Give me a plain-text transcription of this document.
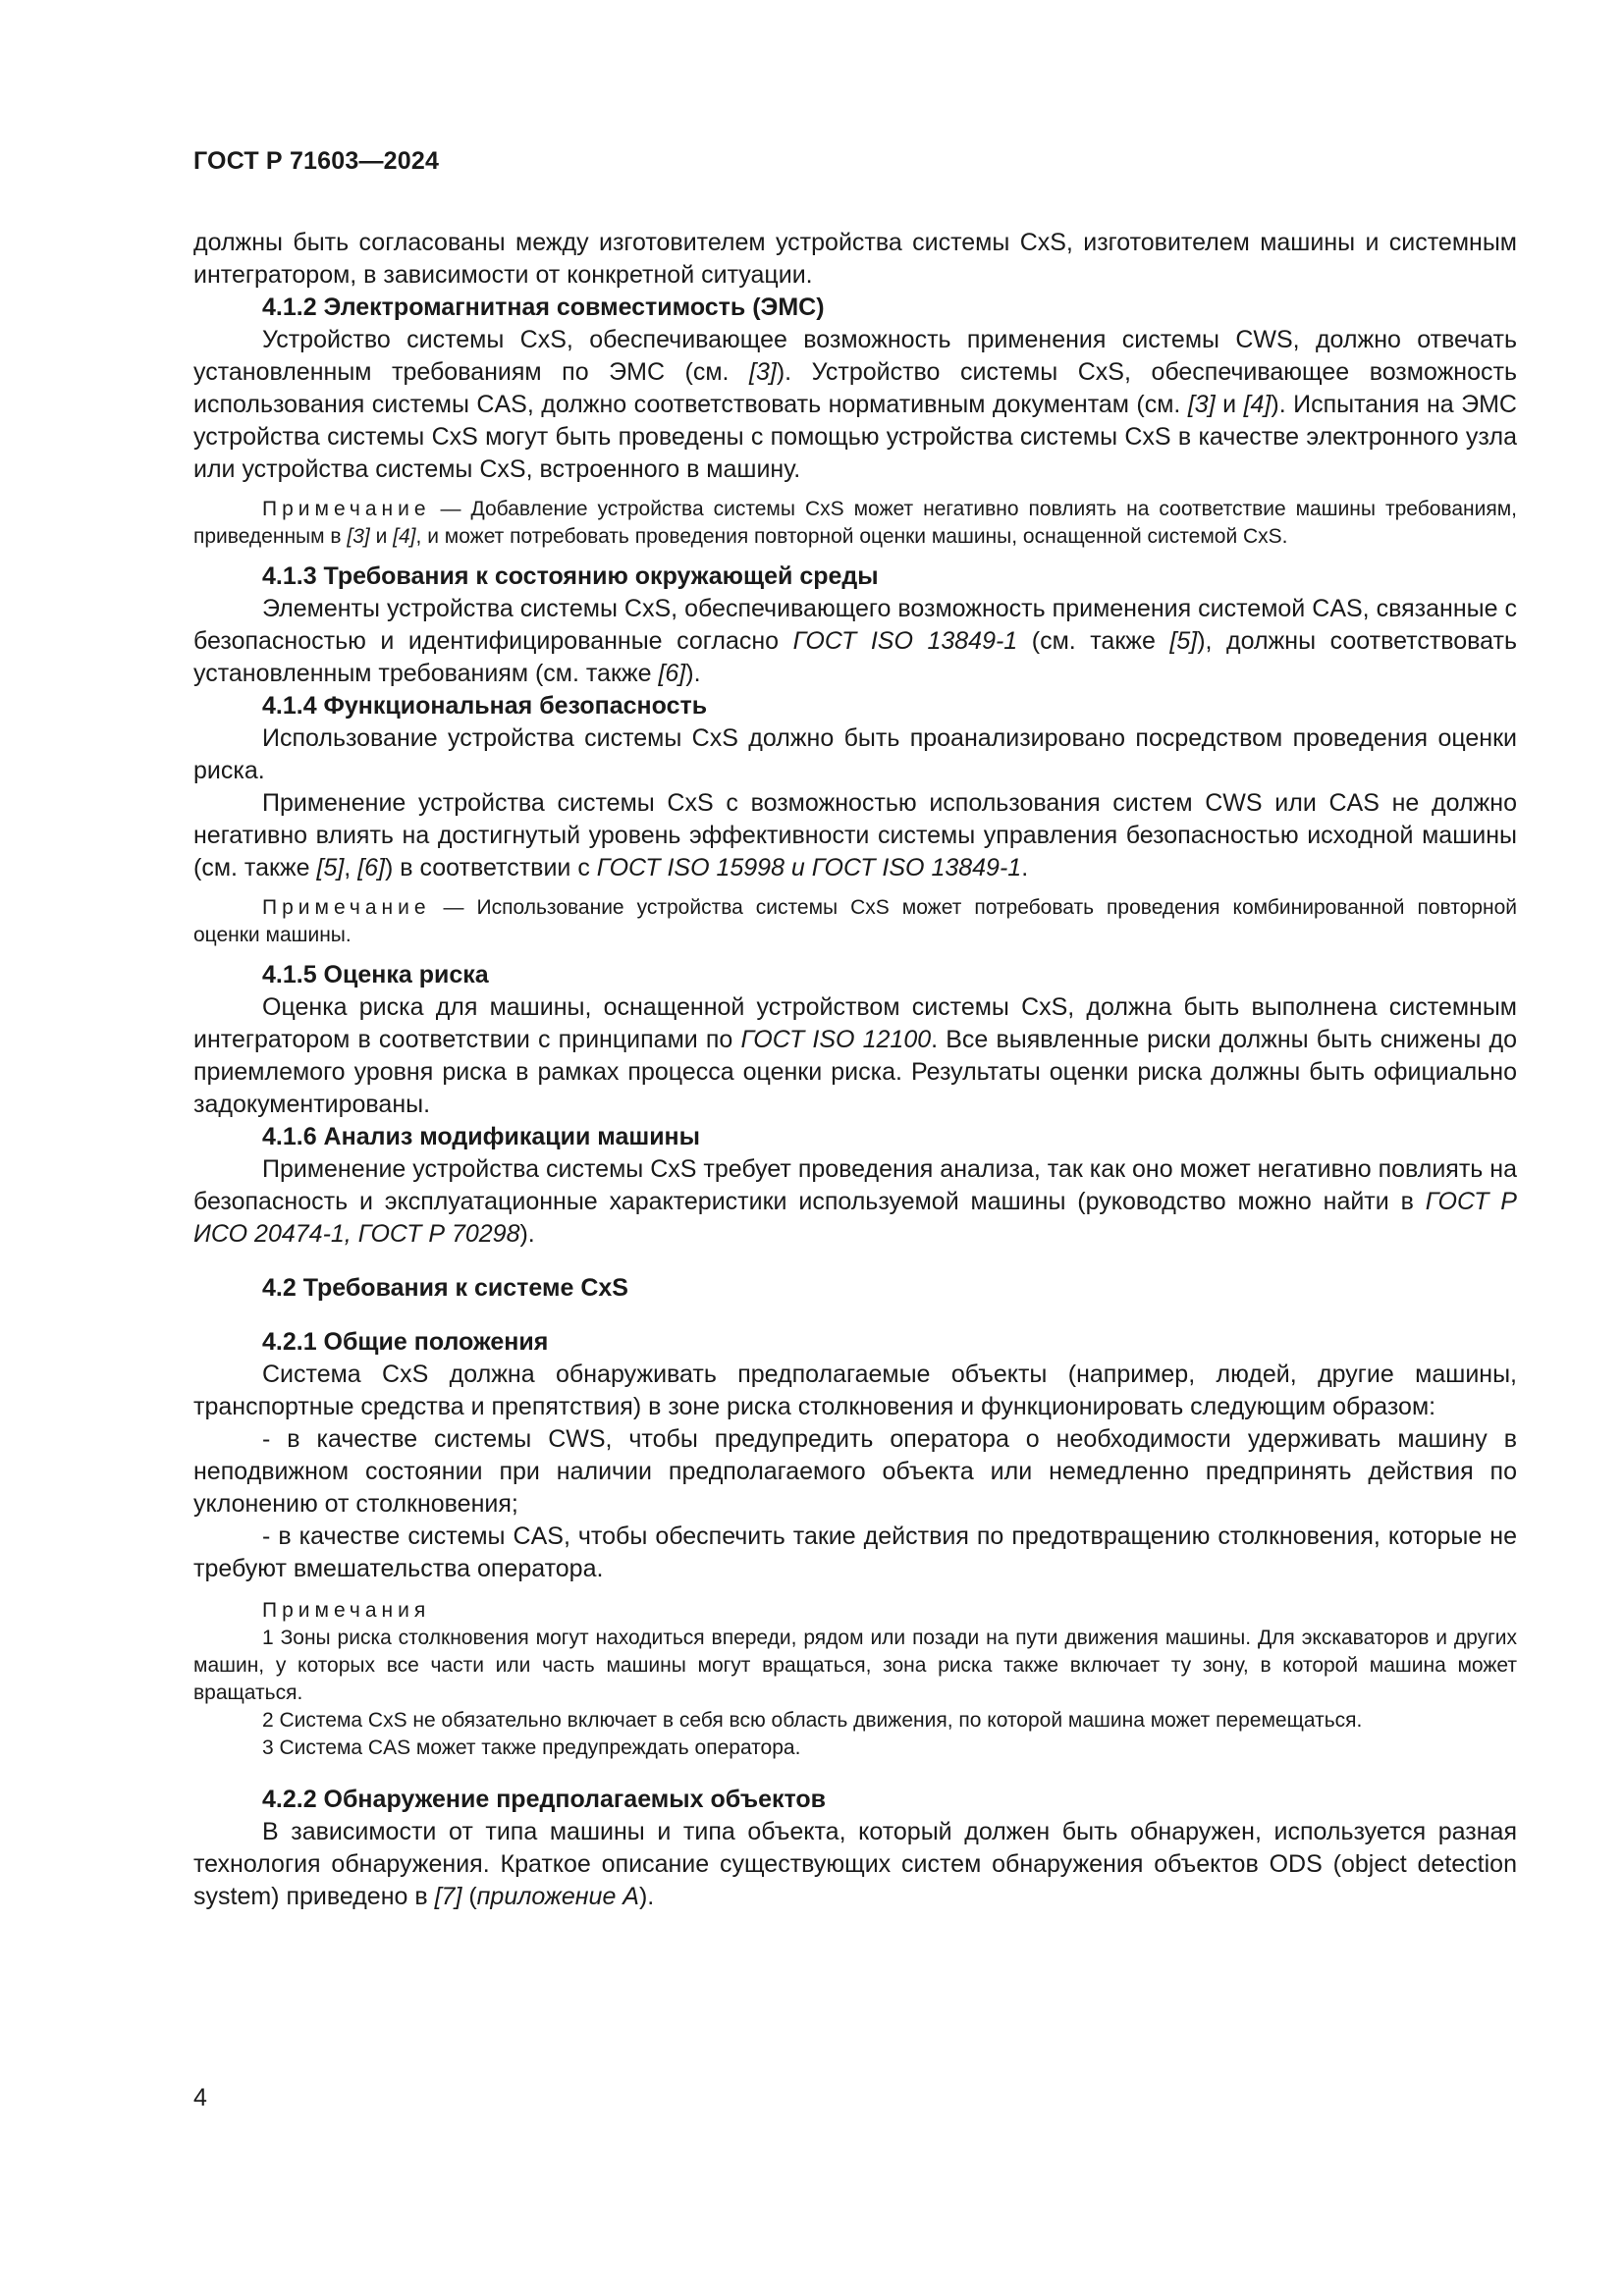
ГОСТ Р 71603—2024

должны быть согласованы между изготовителем устройства системы CxS, изготовителем машины и системным интегратором, в зависимости от конкретной ситуации.

4.1.2 Электромагнитная совместимость (ЭМС)

Устройство системы CxS, обеспечивающее возможность применения системы CWS, должно отвечать установленным требованиям по ЭМС (см. [3]). Устройство системы CxS, обеспечивающее возможность использования системы CAS, должно соответствовать нормативным документам (см. [3] и [4]). Испытания на ЭМС устройства системы CxS могут быть проведены с помощью устройства системы CxS в качестве электронного узла или устройства системы CxS, встроенного в машину.

Примечание — Добавление устройства системы CxS может негативно повлиять на соответствие машины требованиям, приведенным в [3] и [4], и может потребовать проведения повторной оценки машины, оснащенной системой CxS.

4.1.3 Требования к состоянию окружающей среды

Элементы устройства системы CxS, обеспечивающего возможность применения системой CAS, связанные с безопасностью и идентифицированные согласно ГОСТ ISO 13849-1 (см. также [5]), должны соответствовать установленным требованиям (см. также [6]).

4.1.4 Функциональная безопасность

Использование устройства системы CxS должно быть проанализировано посредством проведения оценки риска.

Применение устройства системы CxS с возможностью использования систем CWS или CAS не должно негативно влиять на достигнутый уровень эффективности системы управления безопасностью исходной машины (см. также [5], [6]) в соответствии с ГОСТ ISO 15998 и ГОСТ ISO 13849-1.

Примечание — Использование устройства системы CxS может потребовать проведения комбинированной повторной оценки машины.

4.1.5 Оценка риска

Оценка риска для машины, оснащенной устройством системы CxS, должна быть выполнена системным интегратором в соответствии с принципами по ГОСТ ISO 12100. Все выявленные риски должны быть снижены до приемлемого уровня риска в рамках процесса оценки риска. Результаты оценки риска должны быть официально задокументированы.

4.1.6 Анализ модификации машины

Применение устройства системы CxS требует проведения анализа, так как оно может негативно повлиять на безопасность и эксплуатационные характеристики используемой машины (руководство можно найти в ГОСТ Р ИСО 20474-1, ГОСТ Р 70298).

4.2 Требования к системе CxS

4.2.1 Общие положения

Система CxS должна обнаруживать предполагаемые объекты (например, людей, другие машины, транспортные средства и препятствия) в зоне риска столкновения и функционировать следующим образом:

- в качестве системы CWS, чтобы предупредить оператора о необходимости удерживать машину в неподвижном состоянии при наличии предполагаемого объекта или немедленно предпринять действия по уклонению от столкновения;

- в качестве системы CAS, чтобы обеспечить такие действия по предотвращению столкновения, которые не требуют вмешательства оператора.

Примечания
1 Зоны риска столкновения могут находиться впереди, рядом или позади на пути движения машины. Для экскаваторов и других машин, у которых все части или часть машины могут вращаться, зона риска также включает ту зону, в которой машина может вращаться.
2 Система CxS не обязательно включает в себя всю область движения, по которой машина может перемещаться.
3 Система CAS может также предупреждать оператора.

4.2.2 Обнаружение предполагаемых объектов

В зависимости от типа машины и типа объекта, который должен быть обнаружен, используется разная технология обнаружения. Краткое описание существующих систем обнаружения объектов ODS (object detection system) приведено в [7] (приложение А).

4
